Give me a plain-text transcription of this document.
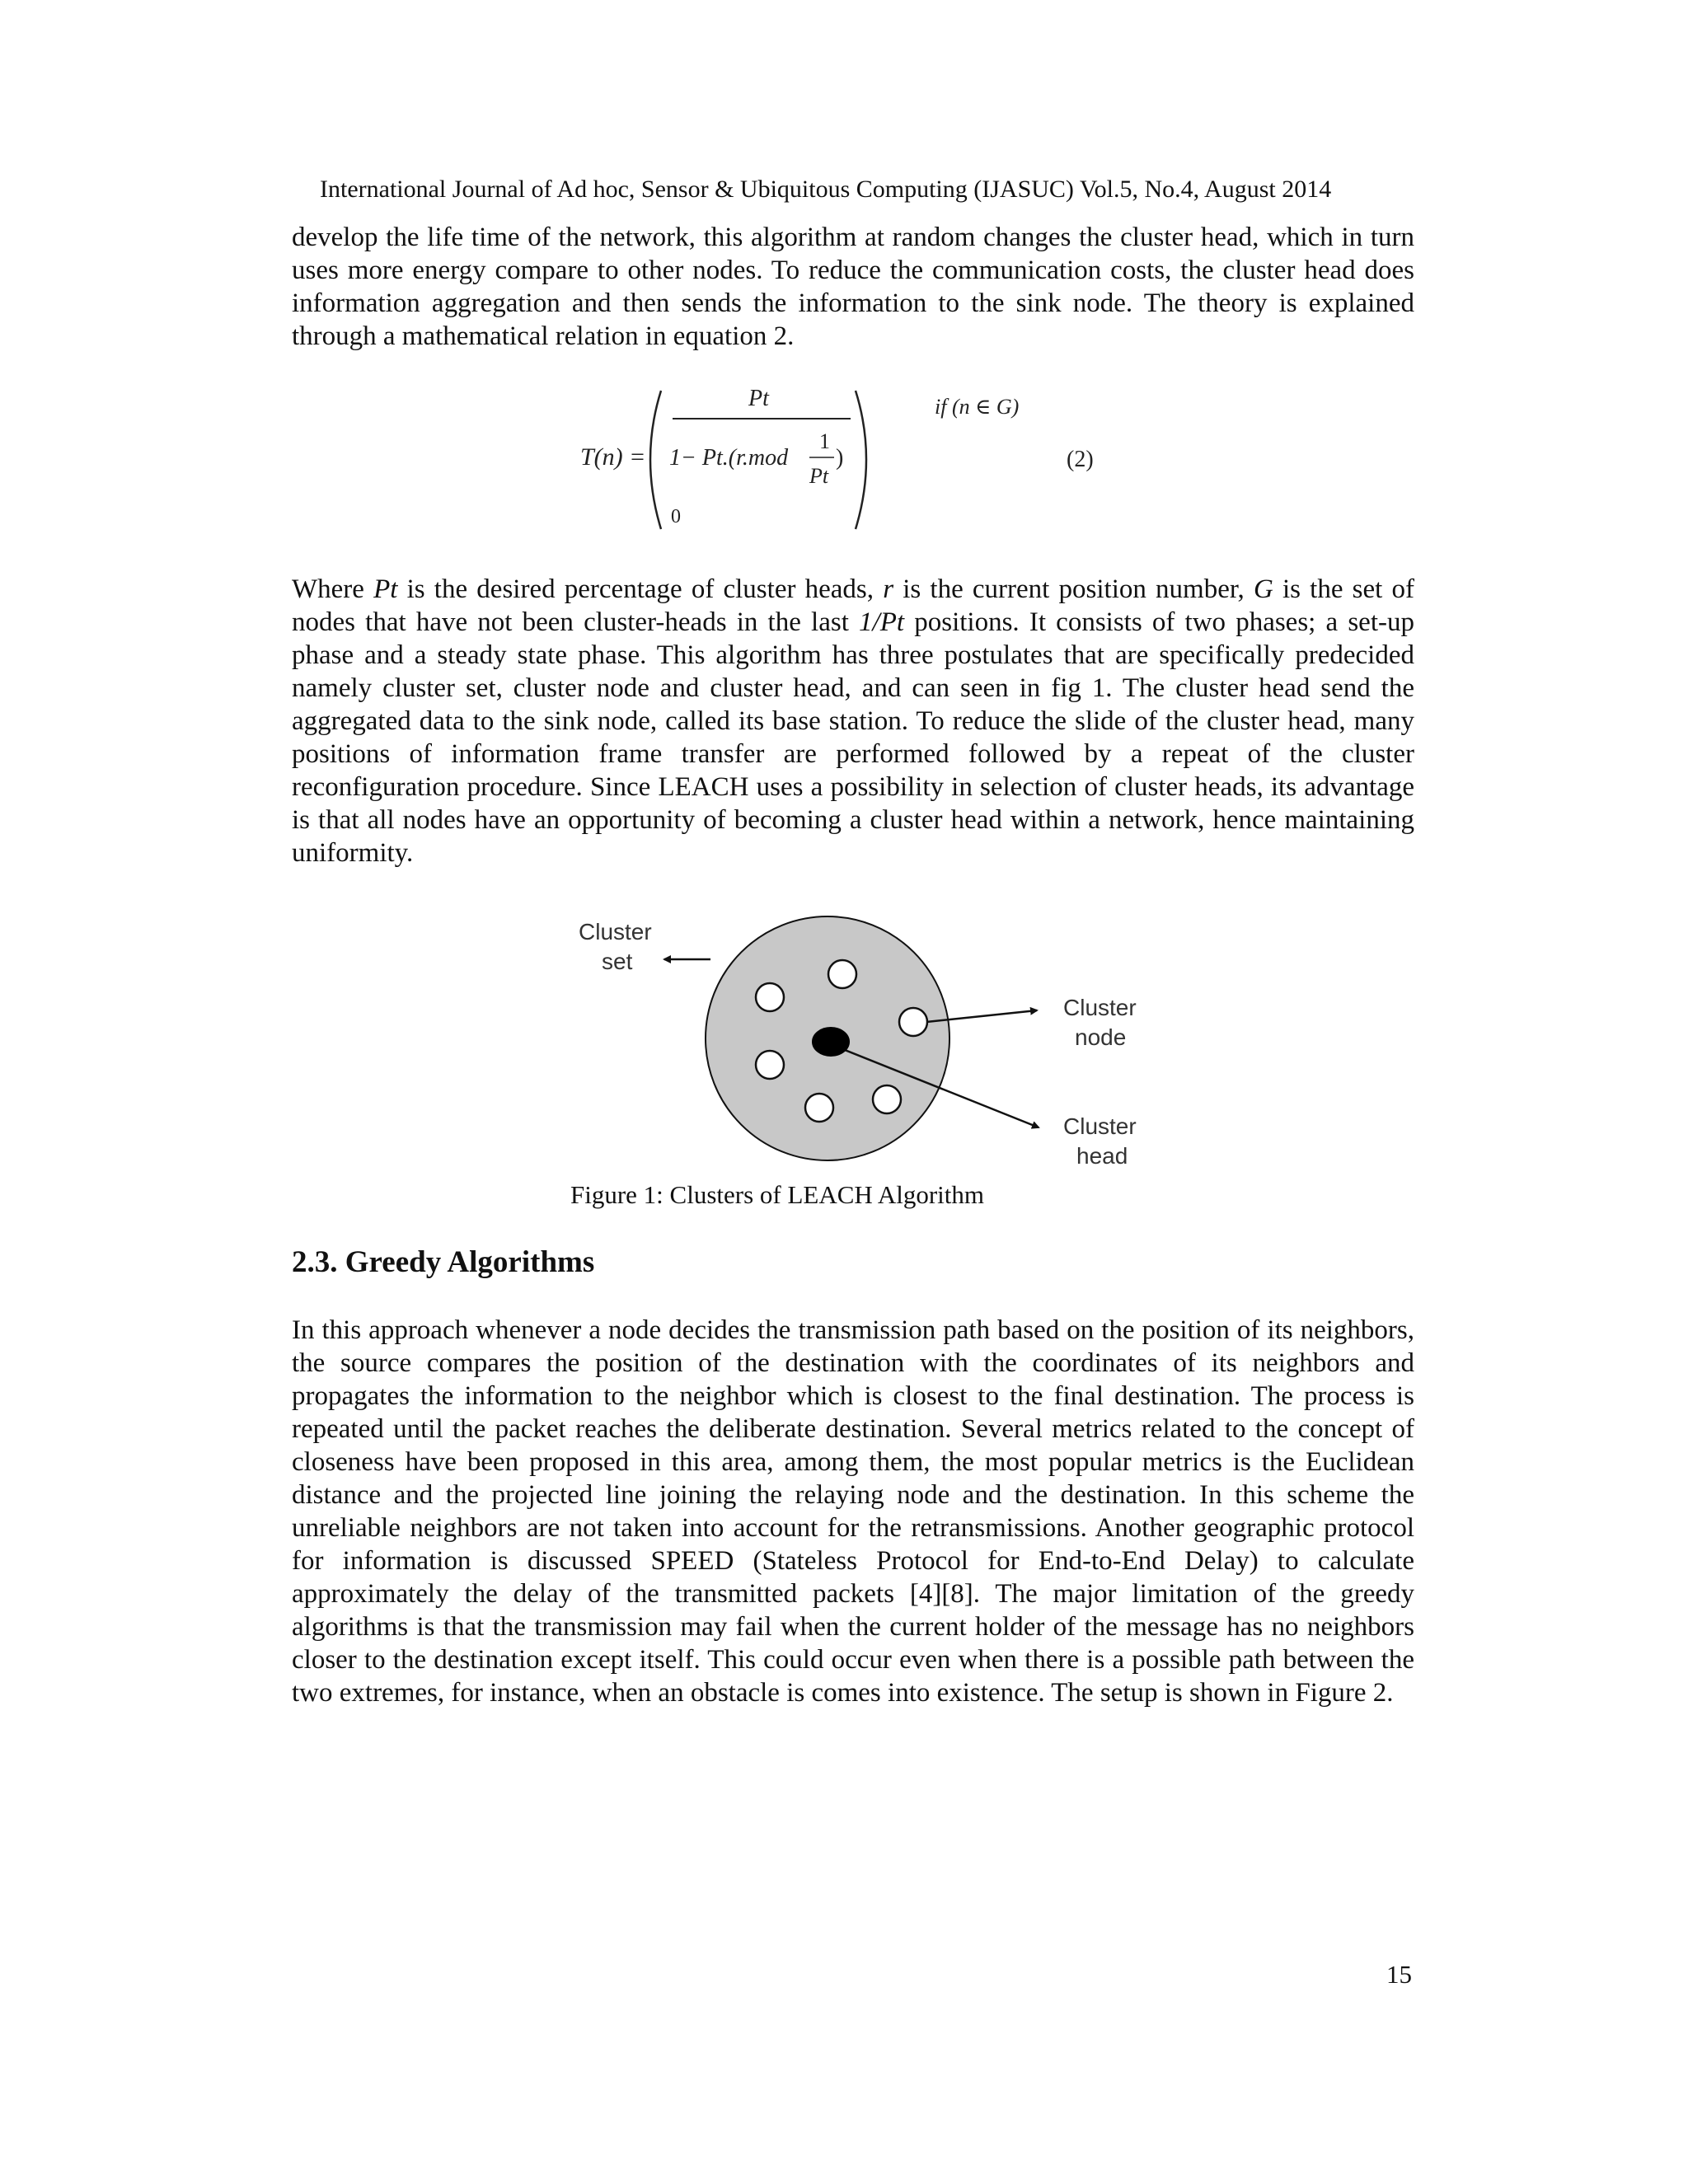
International Journal of Ad hoc, Sensor & Ubiquitous Computing (IJASUC) Vol.5, No.4, August 2014

develop the life time of the network, this algorithm at random changes the cluster head, which in turn uses more energy compare to other nodes. To reduce the communication costs, the cluster head does information aggregation and then sends the information to the sink node. The theory is explained through a mathematical relation in equation 2.

T(n) =
Pt
1− Pt.(r.mod
1
Pt
)
0
if (n ∈ G)
(2)

Where Pt is the desired percentage of cluster heads, r is the current position number, G is the set of nodes that have not been cluster-heads in the last 1/Pt positions. It consists of two phases; a set-up phase and a steady state phase. This algorithm has three postulates that are specifically predecided namely cluster set, cluster node and cluster head, and can seen in fig 1. The cluster head send the aggregated data to the sink node, called its base station. To reduce the slide of the cluster head, many positions of information frame transfer are performed followed by a repeat of the cluster reconfiguration procedure. Since LEACH uses a possibility in selection of cluster heads, its advantage is that all nodes have an opportunity of becoming a cluster head within a network, hence maintaining uniformity.

Cluster
set
Cluster
node
Cluster
head
Figure 1: Clusters of LEACH Algorithm
2.3. Greedy Algorithms

In this approach whenever a node decides the transmission path based on the position of its neighbors, the source compares the position of the destination with the coordinates of its neighbors and propagates the information to the neighbor which is closest to the final destination. The process is repeated until the packet reaches the deliberate destination. Several metrics related to the concept of closeness have been proposed in this area, among them, the most popular metrics is the Euclidean distance and the projected line joining the relaying node and the destination. In this scheme the unreliable neighbors are not taken into account for the retransmissions. Another geographic protocol for information is discussed SPEED (Stateless Protocol for End-to-End Delay) to calculate approximately the delay of the transmitted packets [4][8]. The major limitation of the greedy algorithms is that the transmission may fail when the current holder of the message has no neighbors closer to the destination except itself. This could occur even when there is a possible path between the two extremes, for instance, when an obstacle is comes into existence. The setup is shown in Figure 2.

15
